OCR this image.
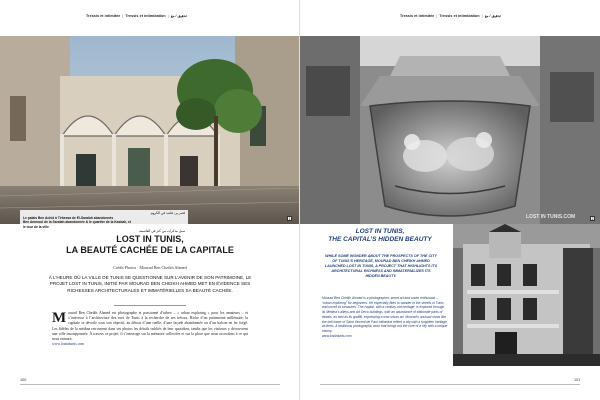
Tressis et intimitée | Tressis et intimidation | تحقيق / مع
قصر بن عاشد في الكروم
Le palais Ben Achid à Tébessa de El-Saraïah abandonnés
Ben Ammoul de la Saraïah abandonnée & le quartier de la Kasbah, et
le tour de la ville
سبل مذكرات من كنز في العاصمة
1
LOST IN TUNIS,
LA BEAUTÉ CACHÉE DE LA CAPITALE
Crédit Photos : Mourad Ben Cheikh Ahmed
À L’HEURE OÙ LA VILLE DE TUNIS SE QUESTIONNE SUR L’AVENIR DE SON PATRIMOINE, LE PROJET LOST IN TUNIS, INITIÉ PAR MOURAD BEN CHEIKH AHMED MET EN ÉVIDENCE SES RICHESSES ARCHITECTURALES ET IMMATÉRIELLES SA BEAUTÉ CACHÉE.
Mourad Ben Cheikh Ahmed est photographe et passionné d’urbex – « urban exploring » pour les amateurs – et s’intéresse à l’architecture des rues de Tunis à la recherche de ses trésors. Riche d’un patrimoine millénaire, la capitale se dévoile sous son objectif, au détour d’une ruelle, d’une façade abandonnée ou d’un balcon en fer forgé. Les fidèles de la médina retrouvent dans ses photos les détails oubliés de leur quotidien, tandis que les visiteurs y découvrent une ville insoupçonnée. À travers ce projet, il s’interroge sur la mémoire collective et sur la place que nous accordons à ce qui nous entoure.
www.lostintunis.com
100
Tressis et intimitée | Tressis et intimidation | تحقيق / مع
LOST IN TUNIS.COM	2
LOST IN TUNIS,
THE CAPITAL’S HIDDEN BEAUTY
WHILE SOME WONDER ABOUT THE PROSPECTS OF THE CITY OF TUNIS’S HERITAGE, MOURAD BEN CHEIKH AHMED LAUNCHED LOST IN TUNIS, A PROJECT THAT HIGHLIGHTS ITS ARCHITECTURAL RICHNESS AND IMMATERIALIZES ITS HIDDEN BEAUTY.
Mourad Ben Cheikh Ahmed is a photographer, street art and urbex enthusiast – “urban exploring” for beginners. He especially likes to wander in the streets of Tunis and unveil its treasures. The capital, with a century-old heritage, is explored through its Medina’s alleys and Art Deco buildings, with an abundance of elaborate parts of details, as well as its graffiti, expressing a new urban art. Mourad’s unusual shots like the bell tower of Saint Vincent de Paul cathedral reflect a city with a forgotten heritage, at times. A fastidious photographic work that brings out the core of a city with a unique history.
www.lostintunis.com
101
